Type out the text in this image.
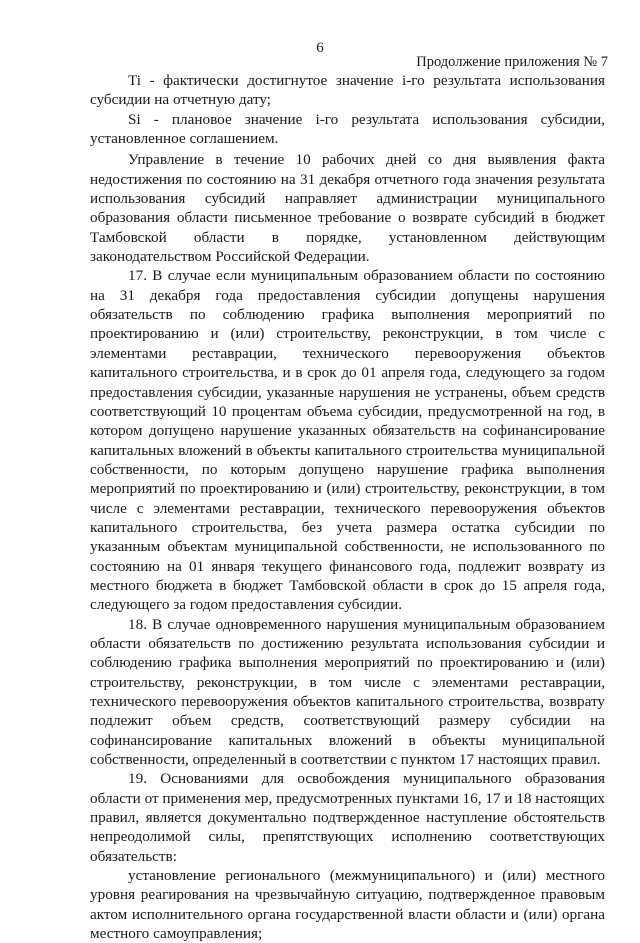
6
Продолжение приложения № 7

Ti - фактически достигнутое значение i-го результата использования субсидии на отчетную дату;

Si - плановое значение i-го результата использования субсидии, установленное соглашением.

Управление в течение 10 рабочих дней со дня выявления факта недостижения по состоянию на 31 декабря отчетного года значения результата использования субсидий направляет администрации муниципального образования области письменное требование о возврате субсидий в бюджет Тамбовской области в порядке, установленном действующим законодательством Российской Федерации.

17. В случае если муниципальным образованием области по состоянию на 31 декабря года предоставления субсидии допущены нарушения обязательств по соблюдению графика выполнения мероприятий по проектированию и (или) строительству, реконструкции, в том числе с элементами реставрации, технического перевооружения объектов капитального строительства, и в срок до 01 апреля года, следующего за годом предоставления субсидии, указанные нарушения не устранены, объем средств соответствующий 10 процентам объема субсидии, предусмотренной на год, в котором допущено нарушение указанных обязательств на софинансирование капитальных вложений в объекты капитального строительства муниципальной собственности, по которым допущено нарушение графика выполнения мероприятий по проектированию и (или) строительству, реконструкции, в том числе с элементами реставрации, технического перевооружения объектов капитального строительства, без учета размера остатка субсидии по указанным объектам муниципальной собственности, не использованного по состоянию на 01 января текущего финансового года, подлежит возврату из местного бюджета в бюджет Тамбовской области в срок до 15 апреля года, следующего за годом предоставления субсидии.

18. В случае одновременного нарушения муниципальным образованием области обязательств по достижению результата использования субсидии и соблюдению графика выполнения мероприятий по проектированию и (или) строительству, реконструкции, в том числе с элементами реставрации, технического перевооружения объектов капитального строительства, возврату подлежит объем средств, соответствующий размеру субсидии на софинансирование капитальных вложений в объекты муниципальной собственности, определенный в соответствии с пунктом 17 настоящих правил.

19. Основаниями для освобождения муниципального образования области от применения мер, предусмотренных пунктами 16, 17 и 18 настоящих правил, является документально подтвержденное наступление обстоятельств непреодолимой силы, препятствующих исполнению соответствующих обязательств:

установление регионального (межмуниципального) и (или) местного уровня реагирования на чрезвычайную ситуацию, подтвержденное правовым актом исполнительного органа государственной власти области и (или) органа местного самоуправления;
